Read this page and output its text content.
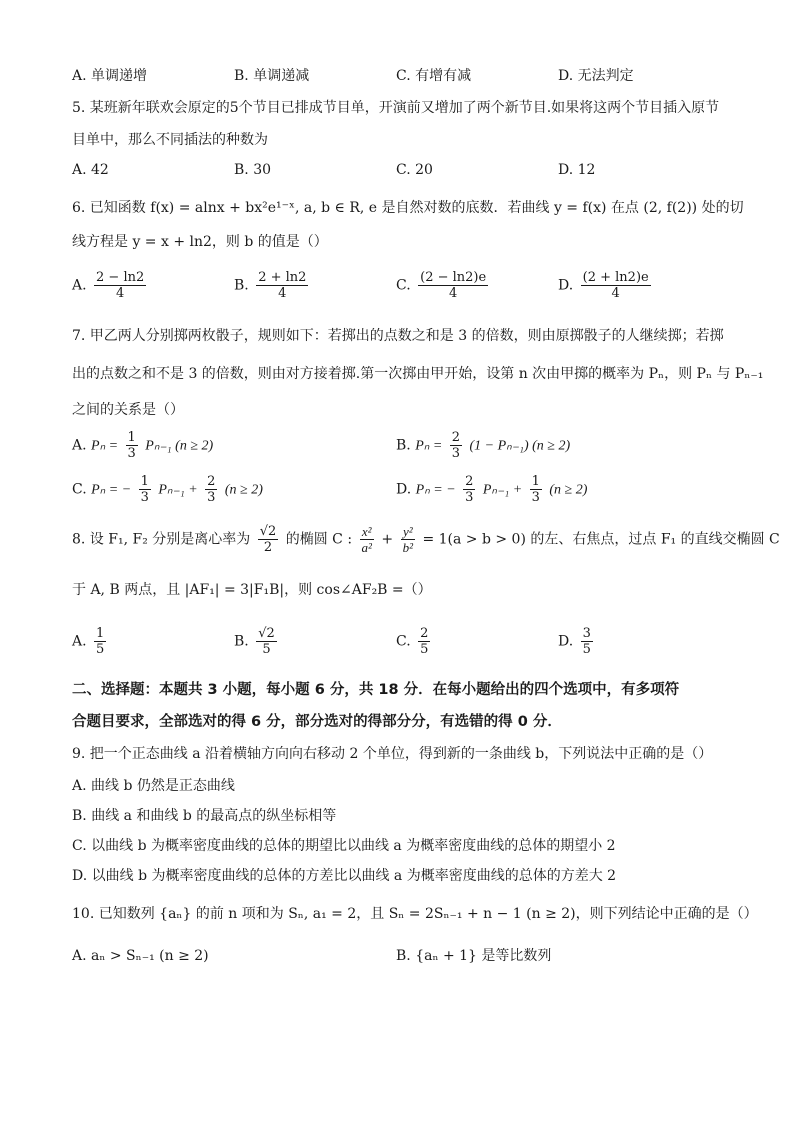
A. 单调递增	B. 单调递减	C. 有增有减	D. 无法判定
5. 某班新年联欢会原定的5个节目已排成节目单，开演前又增加了两个新节目.如果将这两个节目插入原节
目单中，那么不同插法的种数为
A. 42	B. 30	C. 20	D. 12
6. 已知函数 f(x) = alnx + bx²e¹⁻ˣ, a, b ∈ R, e 是自然对数的底数．若曲线 y = f(x) 在点 (2, f(2)) 处的切
线方程是 y = x + ln2，则 b 的值是（）
A. $\frac{2 - \ln 2}{4}$	B. $\frac{2 + \ln 2}{4}$	C. $\frac{(2 - \ln 2)e}{4}$	D. $\frac{(2 + \ln 2)e}{4}$
7. 甲乙两人分别掷两枚骰子，规则如下：若掷出的点数之和是 3 的倍数，则由原掷骰子的人继续掷；若掷
出的点数之和不是 3 的倍数，则由对方接着掷.第一次掷由甲开始，设第 n 次由甲掷的概率为 Pₙ，则 Pₙ 与 Pₙ₋₁
之间的关系是（）
A. $P_n = \frac{1}{3} P_{n-1}$ (n ≥ 2)	B. $P_n = \frac{2}{3} (1 - P_{n-1}) (n \ge 2)$
C. Pₙ = − $\frac{1}{3} P_{n-1} + \frac{2}{3} (n \ge 2)$	D. Pₙ = − $\frac{2}{3} P_{n-1} + \frac{1}{3} (n \ge 2)$
8. 设 F₁, F₂ 分别是离心率为 $\frac{√2}{2}$ 的椭圆 C : $\frac{\text{x²}}{\text{a²}} + \frac{\text{y²}}{\text{b²}} = 1(a > b > 0)$ 的左、右焦点，过点 F₁ 的直线交椭圆 C
于 A, B 两点，且 |AF₁| = 3|F₁B|，则 cos∠AF₂B =（）
A. $\frac{1}{5}$	B. $\frac{√2}{5}$	C. $\frac{2}{5}$	D. $\frac{3}{5}$
二、选择题：本题共 3 小题，每小题 6 分，共 18 分．在每小题给出的四个选项中，有多项符
合题目要求，全部选对的得 6 分，部分选对的得部分分，有选错的得 0 分．
9. 把一个正态曲线 a 沿着横轴方向向右移动 2 个单位，得到新的一条曲线 b，下列说法中正确的是（）
A. 曲线 b 仍然是正态曲线
B. 曲线 a 和曲线 b 的最高点的纵坐标相等
C. 以曲线 b 为概率密度曲线的总体的期望比以曲线 a 为概率密度曲线的总体的期望小 2
D. 以曲线 b 为概率密度曲线的总体的方差比以曲线 a 为概率密度曲线的总体的方差大 2
10. 已知数列 {aₙ} 的前 n 项和为 Sₙ, a₁ = 2，且 Sₙ = 2Sₙ₋₁ + n − 1 (n ≥ 2)，则下列结论中正确的是（）
A. aₙ > Sₙ₋₁ (n ≥ 2)	B. {aₙ + 1} 是等比数列
